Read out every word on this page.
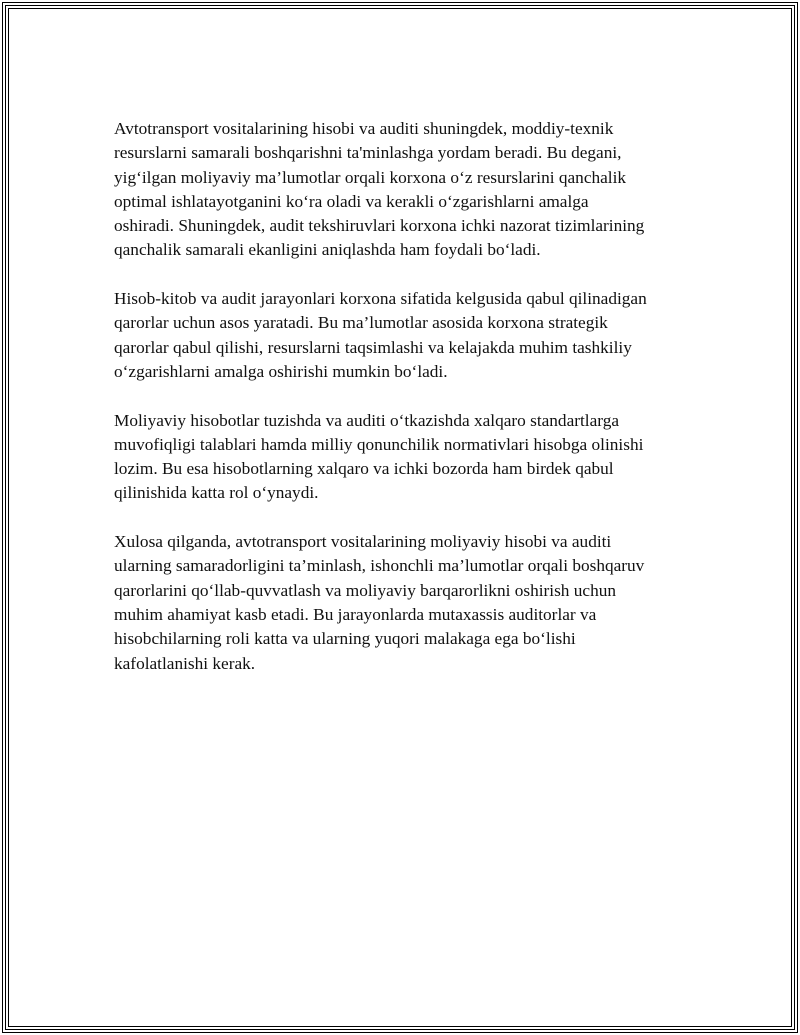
Avtotransport vositalarining hisobi va auditi shuningdek, moddiy-texnik
resurslarni samarali boshqarishni ta'minlashga yordam beradi. Bu degani,
yig‘ilgan moliyaviy ma’lumotlar orqali korxona o‘z resurslarini qanchalik
optimal ishlatayotganini ko‘ra oladi va kerakli o‘zgarishlarni amalga
oshiradi. Shuningdek, audit tekshiruvlari korxona ichki nazorat tizimlarining
qanchalik samarali ekanligini aniqlashda ham foydali bo‘ladi.

Hisob-kitob va audit jarayonlari korxona sifatida kelgusida qabul qilinadigan
qarorlar uchun asos yaratadi. Bu ma’lumotlar asosida korxona strategik
qarorlar qabul qilishi, resurslarni taqsimlashi va kelajakda muhim tashkiliy
o‘zgarishlarni amalga oshirishi mumkin bo‘ladi.

Moliyaviy hisobotlar tuzishda va auditi o‘tkazishda xalqaro standartlarga
muvofiqligi talablari hamda milliy qonunchilik normativlari hisobga olinishi
lozim. Bu esa hisobotlarning xalqaro va ichki bozorda ham birdek qabul
qilinishida katta rol o‘ynaydi.

Xulosa qilganda, avtotransport vositalarining moliyaviy hisobi va auditi
ularning samaradorligini ta’minlash, ishonchli ma’lumotlar orqali boshqaruv
qarorlarini qo‘llab-quvvatlash va moliyaviy barqarorlikni oshirish uchun
muhim ahamiyat kasb etadi. Bu jarayonlarda mutaxassis auditorlar va
hisobchilarning roli katta va ularning yuqori malakaga ega bo‘lishi
kafolatlanishi kerak.
